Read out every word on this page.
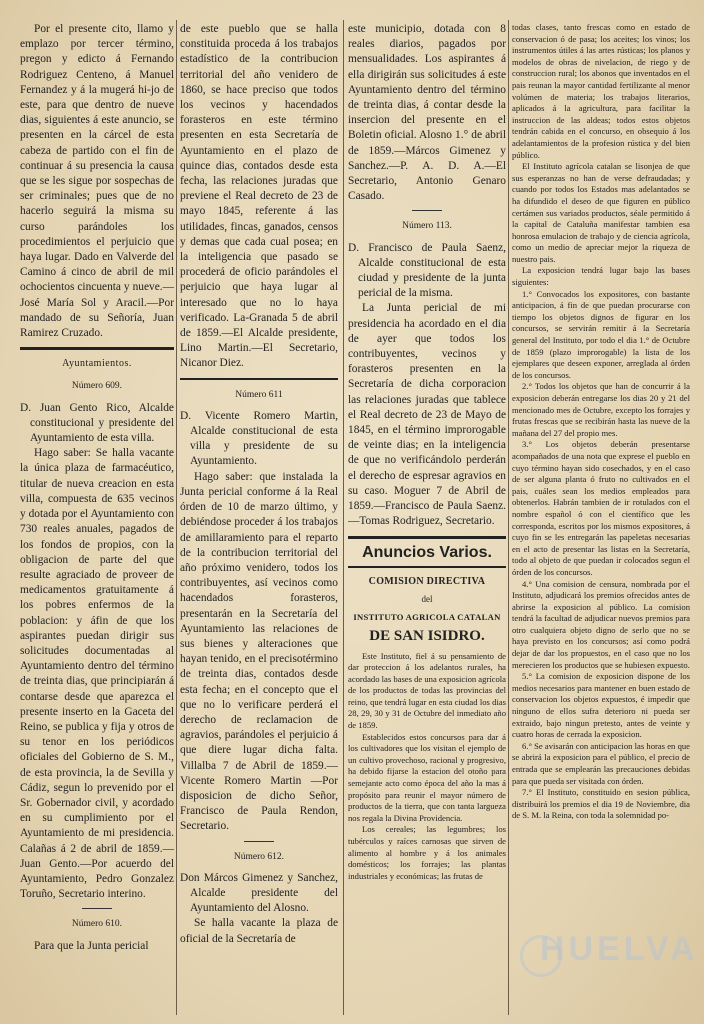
Por el presente cito, llamo y emplazo por tercer término, pregon y edicto á Fernando Rodriguez Centeno, á Manuel Fernandez y á la mugerá hi-jo de este, para que dentro de nueve dias, siguientes á este anuncio, se presenten en la cárcel de esta cabeza de partido con el fin de continuar á su presencia la causa que se les sigue por sospechas de ser criminales; pues que de no hacerlo seguirá la misma su curso parándoles los procedimientos el perjuicio que haya lugar. Dado en Valverde del Camino á cinco de abril de mil ochocientos cincuenta y nueve.—José María Sol y Aracil.—Por mandado de su Señoría, Juan Ramirez Cruzado.

Ayuntamientos.
Número 609.

D. Juan Gento Rico, Alcalde constitucional y presidente del Ayuntamiento de esta villa.

Hago saber: Se halla vacante la única plaza de farmacéutico, titular de nueva creacion en esta villa, compuesta de 635 vecinos y dotada por el Ayuntamiento con 730 reales anuales, pagados de los fondos de propios, con la obligacion de parte del que resulte agraciado de proveer de medicamentos gratuitamente á los pobres enfermos de la poblacion: y áfin de que los aspirantes puedan dirigir sus solicitudes documentadas al Ayuntamiento dentro del término de treinta dias, que principiarán á contarse desde que aparezca el presente inserto en la Gaceta del Reino, se publica y fija y otros de su tenor en los periódicos oficiales del Gobierno de S. M., de esta provincia, la de Sevilla y Cádiz, segun lo prevenido por el Sr. Gobernador civil, y acordado en su cumplimiento por el Ayuntamiento de mi presidencia. Calañas á 2 de abril de 1859.—Juan Gento.—Por acuerdo del Ayuntamiento, Pedro Gonzalez Toruño, Secretario interino.

Número 610.

Para que la Junta pericial

de este pueblo que se halla constituida proceda á los trabajos estadístico de la contribucion territorial del año venidero de 1860, se hace preciso que todos los vecinos y hacendados forasteros en este término presenten en esta Secretaría de Ayuntamiento en el plazo de quince dias, contados desde esta fecha, las relaciones juradas que previene el Real decreto de 23 de mayo 1845, referente á las utilidades, fincas, ganados, censos y demas que cada cual posea; en la inteligencia que pasado se procederá de oficio parándoles el perjuicio que haya lugar al interesado que no lo haya verificado. La-Granada 5 de abril de 1859.—El Alcalde presidente, Lino Martin.—El Secretario, Nicanor Diez.

Número 611

D. Vicente Romero Martin, Alcalde constitucional de esta villa y presidente de su Ayuntamiento.

Hago saber: que instalada la Junta pericial conforme á la Real órden de 10 de marzo último, y debiéndose proceder á los trabajos de amillaramiento para el reparto de la contribucion territorial del año próximo venidero, todos los contribuyentes, así vecinos como hacendados forasteros, presentarán en la Secretaría del Ayuntamiento las relaciones de sus bienes y alteraciones que hayan tenido, en el precisotérmino de treinta dias, contados desde esta fecha; en el concepto que el que no lo verificare perderá el derecho de reclamacion de agravios, parándoles el perjuicio á que diere lugar dicha falta. Villalba 7 de Abril de 1859.—Vicente Romero Martin —Por disposicion de dicho Señor, Francisco de Paula Rendon, Secretario.

Número 612.

Don Márcos Gimenez y Sanchez, Alcalde presidente del Ayuntamiento del Alosno.

Se halla vacante la plaza de oficial de la Secretaría de

este municipio, dotada con 8 reales diarios, pagados por mensualidades. Los aspirantes á ella dirigirán sus solicitudes á este Ayuntamiento dentro del término de treinta dias, á contar desde la insercion del presente en el Boletin oficial. Alosno 1.° de abril de 1859.—Márcos Gimenez y Sanchez.—P. A. D. A.—El Secretario, Antonio Genaro Casado.

Número 113.

D. Francisco de Paula Saenz, Alcalde constitucional de esta ciudad y presidente de la junta pericial de la misma.

La Junta pericial de mi presidencia ha acordado en el dia de ayer que todos los contribuyentes, vecinos y forasteros presenten en la Secretaría de dicha corporacion las relaciones juradas que tablece el Real decreto de 23 de Mayo de 1845, en el término improrogable de veinte dias; en la inteligencia de que no verificándolo perderán el derecho de espresar agravios en su caso. Moguer 7 de Abril de 1859.—Francisco de Paula Saenz.—Tomas Rodriguez, Secretario.

Anuncios Varios.
COMISION DIRECTIVA
del
INSTITUTO AGRICOLA CATALAN
DE SAN ISIDRO.

Este Instituto, fiel á su pensamiento de dar proteccion á los adelantos rurales, ha acordado las bases de una exposicion agrícola de los productos de todas las provincias del reino, que tendrá lugar en esta ciudad los dias 28, 29, 30 y 31 de Octubre del inmediato año de 1859.

Establecidos estos concursos para dar á los cultivadores que los visitan el ejemplo de un cultivo provechoso, racional y progresivo, ha debido fijarse la estacion del otoño para semejante acto como época del año la mas á propósito para reunir el mayor número de productos de la tierra, que con tanta largueza nos regala la Divina Providencia.

Los cereales; las legumbres; los tubérculos y raíces carnosas que sirven de alimento al hombre y á los animales domésticos; los forrajes; las plantas industriales y económicas; las frutas de

todas clases, tanto frescas como en estado de conservacion ó de pasa; los aceites; los vinos; los instrumentos útiles á las artes rústicas; los planos y modelos de obras de nivelacion, de riego y de construccion rural; los abonos que inventados en el pais reunan la mayor cantidad fertilizante al menor volúmen de materia; los trabajos literarios, aplicados á la agricultura, para facilitar la instruccion de las aldeas; todos estos objetos tendrán cabida en el concurso, en obsequio á los adelantamientos de la profesion rústica y del bien público.

El Instituto agrícola catalan se lisonjea de que sus esperanzas no han de verse defraudadas; y cuando por todos los Estados mas adelantados se ha difundido el deseo de que figuren en público certámen sus variados productos, séale permitido á la capital de Cataluña manifestar tambien esa honrosa emulacion de trabajo y de ciencia agrícola, como un medio de apreciar mejor la riqueza de nuestro pais.

La exposicion tendrá lugar bajo las bases siguientes:

1.° Convocados los expositores, con bastante anticipacion, á fin de que puedan procurarse con tiempo los objetos dignos de figurar en los concursos, se servirán remitir á la Secretaría general del Instituto, por todo el dia 1.° de Octubre de 1859 (plazo improrogable) la lista de los ejemplares que deseen exponer, arreglada al órden de los concursos.

2.° Todos los objetos que han de concurrir á la exposicion deberán entregarse los dias 20 y 21 del mencionado mes de Octubre, excepto los forrajes y frutas frescas que se recibirán hasta las nueve de la mañana del 27 del propio mes.

3.° Los objetos deberán presentarse acompañados de una nota que exprese el pueblo en cuyo término hayan sido cosechados, y en el caso de ser alguna planta ó fruto no cultivados en el pais, cuáles sean los medios empleados para obtenerlos. Habrán tambien de ir rotulados con el nombre español ó con el científico que les corresponda, escritos por los mismos expositores, á cuyo fin se les entregarán las papeletas necesarias en el acto de presentar las listas en la Secretaría, todo al objeto de que puedan ir colocados segun el órden de los concursos.

4.° Una comision de censura, nombrada por el Instituto, adjudicará los premios ofrecidos antes de abrirse la exposicion al público. La comision tendrá la facultad de adjudicar nuevos premios para otro cualquiera objeto digno de serlo que no se haya previsto en los concursos; así como podrá dejar de dar los propuestos, en el caso que no los merecieren los productos que se hubiesen expuesto.

5.° La comision de exposicion dispone de los medios necesarios para mantener en buen estado de conservacion los objetos expuestos, é impedir que ninguno de ellos sufra deterioro ni pueda ser extraido, bajo ningun pretesto, antes de veinte y cuatro horas de cerrada la exposicion.

6.° Se avisarán con anticipacion las horas en que se abrirá la exposicion para el público, el precio de entrada que se emplearán las precauciones debidas para que pueda ser visitada con órden.

7.° El Instituto, constituido en sesion pública, distribuirá los premios el dia 19 de Noviembre, dia de S. M. la Reina, con toda la solemnidad po-

HUELVA
